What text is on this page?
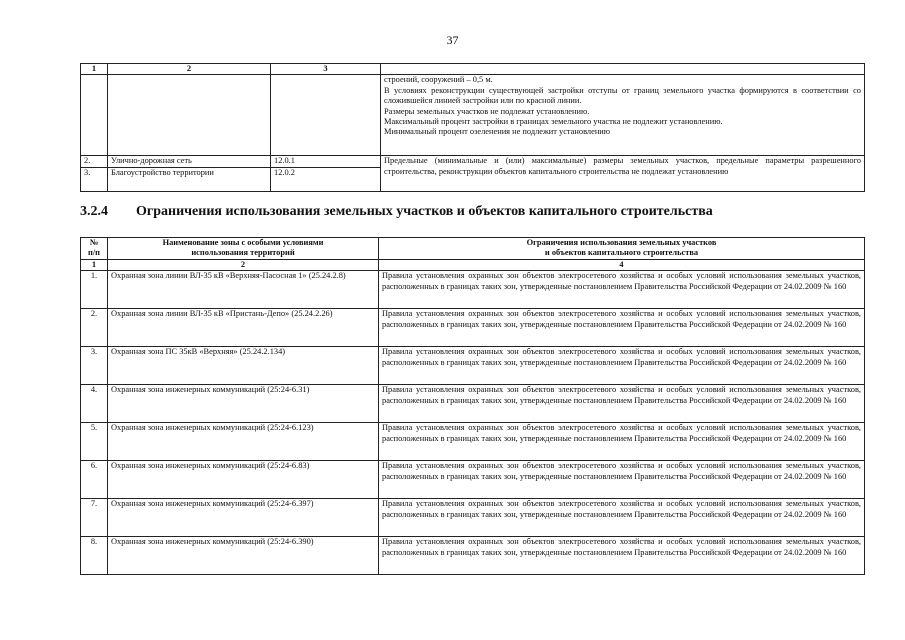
37
1	2	3	

			строений, сооружений – 0,5 м.
В условиях реконструкции существующей застройки отступы от границ земельного участка формируются в соответствии со сложившейся линией застройки или по красной линии.
Размеры земельных участков не подлежат установлению.
Максимальный процент застройки в границах земельного участка не подлежит установлению.
Минимальный процент озеленения не подлежит установлению

2.	Улично-дорожная сеть	12.0.1	Предельные (минимальные и (или) максимальные) размеры земельных участков, предельные параметры разрешенного строительства, реконструкции объектов капитального строительства не подлежат установлению
3.	Благоустройство территории	12.0.2	
3.2.4 Ограничения использования земельных участков и объектов капитального строительства
№
п/п	Наименование зоны с особыми условиями
использования территорий	Ограничения использования земельных участков
и объектов капитального строительства

1	2	4
1.	Охранная зона линии ВЛ-35 кВ «Верхняя-Пасосная 1» (25.24.2.8)	Правила установления охранных зон объектов электросетевого хозяйства и особых условий использования земельных участков, расположенных в границах таких зон, утвержденные постановлением Правительства Российской Федерации от 24.02.2009 № 160
2.	Охранная зона линии ВЛ-35 кВ «Пристань-Депо» (25.24.2.26)	Правила установления охранных зон объектов электросетевого хозяйства и особых условий использования земельных участков, расположенных в границах таких зон, утвержденные постановлением Правительства Российской Федерации от 24.02.2009 № 160
3.	Охранная зона ПС 35кВ «Верхняя» (25.24.2.134)	Правила установления охранных зон объектов электросетевого хозяйства и особых условий использования земельных участков, расположенных в границах таких зон, утвержденные постановлением Правительства Российской Федерации от 24.02.2009 № 160
4.	Охранная зона инженерных коммуникаций (25:24-6.31)	Правила установления охранных зон объектов электросетевого хозяйства и особых условий использования земельных участков, расположенных в границах таких зон, утвержденные постановлением Правительства Российской Федерации от 24.02.2009 № 160
5.	Охранная зона инженерных коммуникаций (25:24-6.123)	Правила установления охранных зон объектов электросетевого хозяйства и особых условий использования земельных участков, расположенных в границах таких зон, утвержденные постановлением Правительства Российской Федерации от 24.02.2009 № 160
6.	Охранная зона инженерных коммуникаций (25:24-6.83)	Правила установления охранных зон объектов электросетевого хозяйства и особых условий использования земельных участков, расположенных в границах таких зон, утвержденные постановлением Правительства Российской Федерации от 24.02.2009 № 160
7.	Охранная зона инженерных коммуникаций (25:24-6.397)	Правила установления охранных зон объектов электросетевого хозяйства и особых условий использования земельных участков, расположенных в границах таких зон, утвержденные постановлением Правительства Российской Федерации от 24.02.2009 № 160
8.	Охранная зона инженерных коммуникаций (25:24-6.390)	Правила установления охранных зон объектов электросетевого хозяйства и особых условий использования земельных участков, расположенных в границах таких зон, утвержденные постановлением Правительства Российской Федерации от 24.02.2009 № 160
